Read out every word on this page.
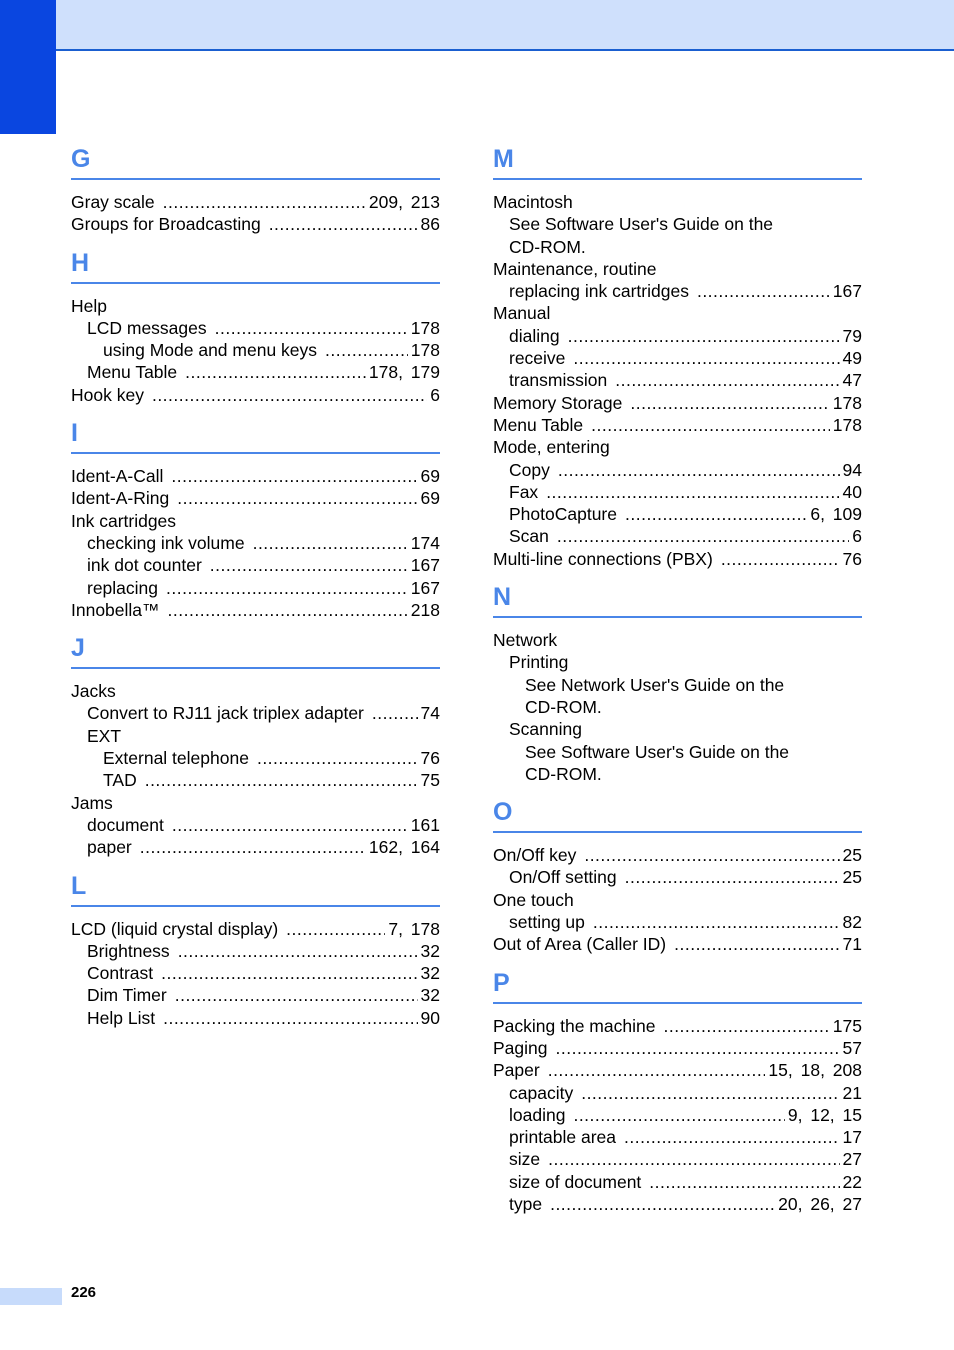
G
Gray scale .....	209, 213
Groups for Broadcasting .....	86
H
Help
LCD messages .....	178
using Mode and menu keys .....	178
Menu Table .....	178, 179
Hook key .....	6
I
Ident-A-Call .....	69
Ident-A-Ring .....	69
Ink cartridges
checking ink volume .....	174
ink dot counter .....	167
replacing .....	167
Innobella™ .....	218
J
Jacks
Convert to RJ11 jack triplex adapter .....	74
EXT
External telephone .....	76
TAD .....	75
Jams
document .....	161
paper .....	162, 164
L
LCD (liquid crystal display) .....	7, 178
Brightness .....	32
Contrast .....	32
Dim Timer .....	32
Help List .....	90
M
Macintosh
See Software User's Guide on the
CD-ROM.
Maintenance, routine
replacing ink cartridges .....	167
Manual
dialing .....	79
receive .....	49
transmission .....	47
Memory Storage .....	178
Menu Table .....	178
Mode, entering
Copy .....	94
Fax .....	40
PhotoCapture .....	6, 109
Scan .....	6
Multi-line connections (PBX) .....	76
N
Network
Printing
See Network User's Guide on the
CD-ROM.
Scanning
See Software User's Guide on the
CD-ROM.
O
On/Off key .....	25
On/Off setting .....	25
One touch
setting up .....	82
Out of Area (Caller ID) .....	71
P
Packing the machine .....	175
Paging .....	57
Paper .....	15, 18, 208
capacity .....	21
loading .....	9, 12, 15
printable area .....	17
size .....	27
size of document .....	22
type .....	20, 26, 27
226
